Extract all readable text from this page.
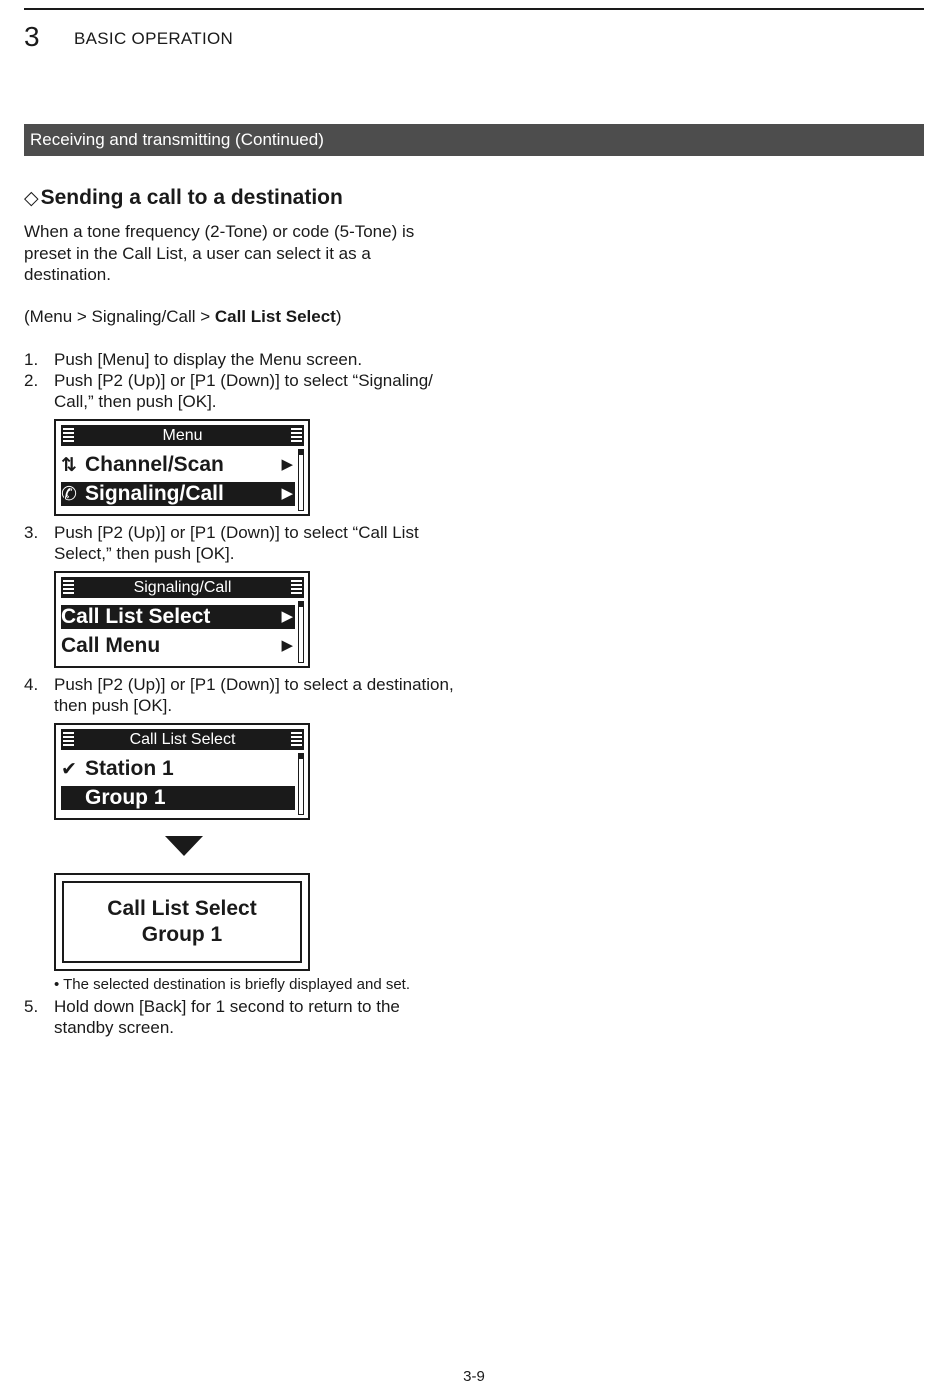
3 BASIC OPERATION
Receiving and transmitting (Continued)
◇Sending a call to a destination

When a tone frequency (2-Tone) or code (5-Tone) is preset in the Call List, a user can select it as a destination.

(Menu > Signaling/Call > Call List Select)
1. Push [Menu] to display the Menu screen.
2. Push [P2 (Up)] or [P1 (Down)] to select “Signaling/ Call,” then push [OK].
Menu
⇅ Channel/Scan	▶
✆ Signaling/Call	▶
3. Push [P2 (Up)] or [P1 (Down)] to select “Call List Select,” then push [OK].
Signaling/Call
Call List Select	▶
Call Menu	▶
4. Push [P2 (Up)] or [P1 (Down)] to select a destination, then push [OK].
Call List Select
✔ Station 1
Group 1
Call List Select
Group 1
• The selected destination is briefly displayed and set.
5. Hold down [Back] for 1 second to return to the standby screen.
3-9
